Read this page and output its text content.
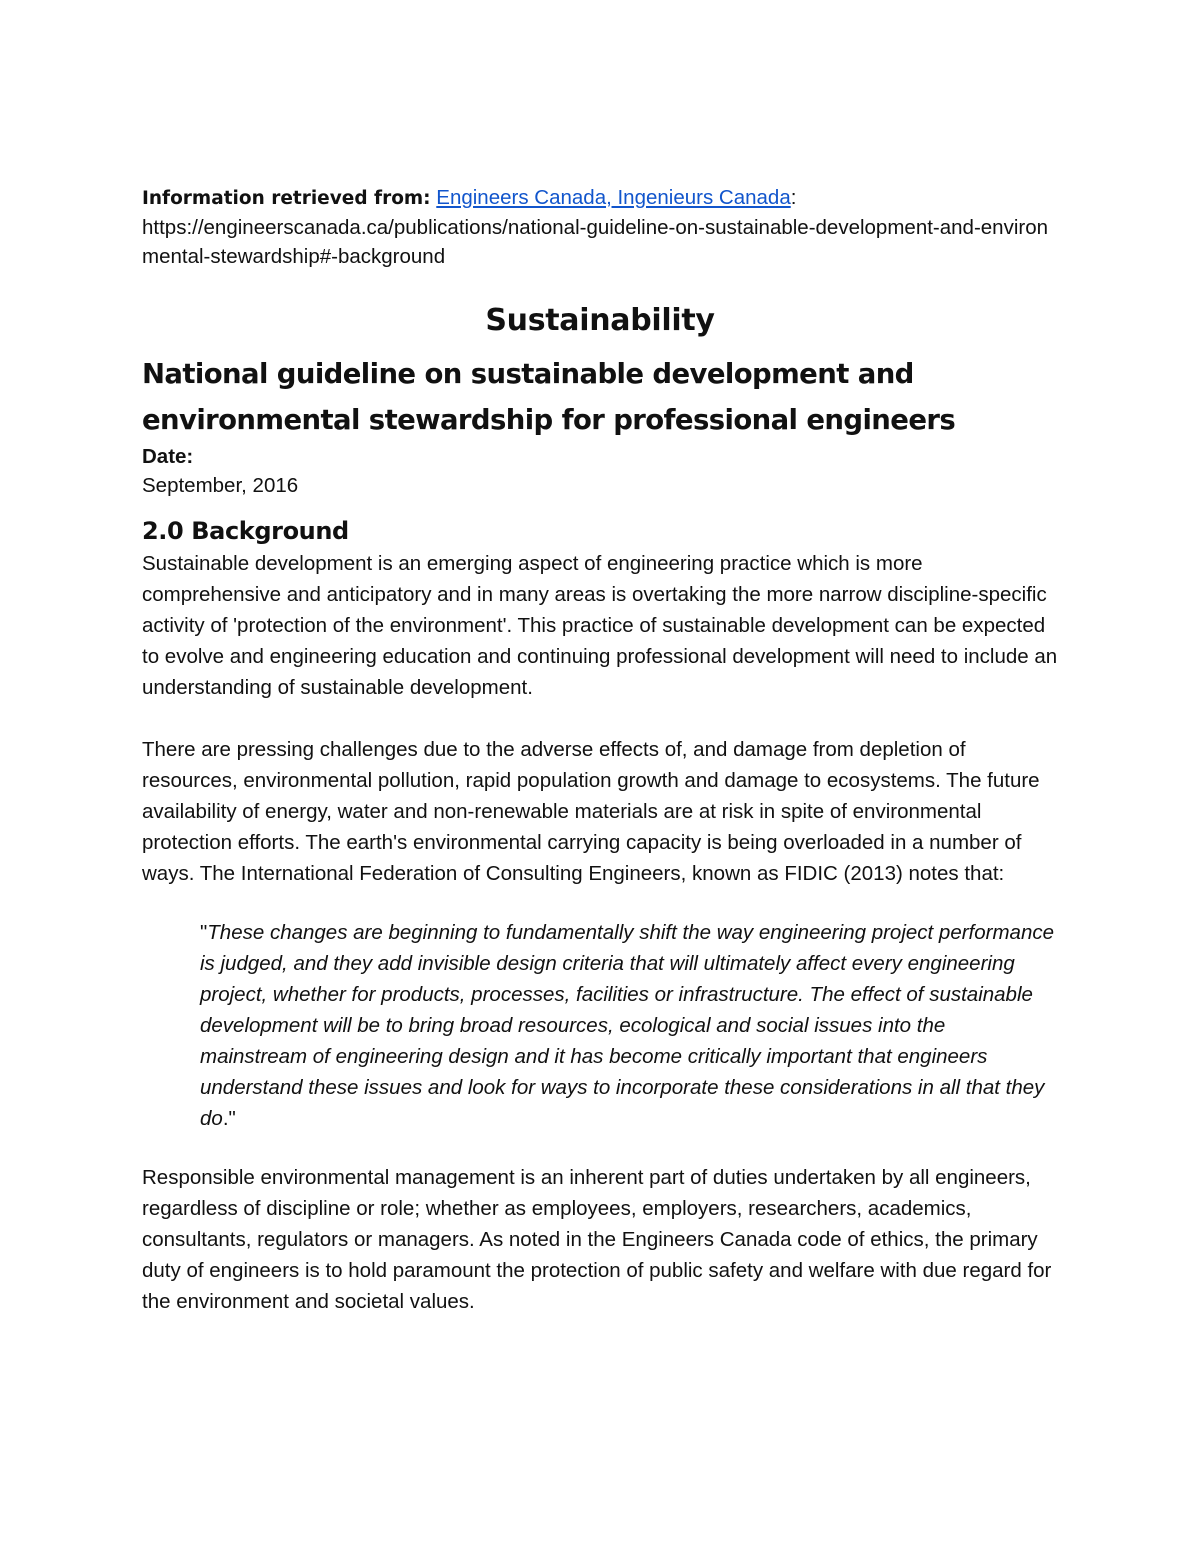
Information retrieved from: Engineers Canada, Ingenieurs Canada:

https://engineerscanada.ca/publications/national-guideline-on-sustainable-development-and-environmental-stewardship#-background

Sustainability
National guideline on sustainable development and environmental stewardship for professional engineers

Date:

September, 2016

2.0 Background

Sustainable development is an emerging aspect of engineering practice which is more comprehensive and anticipatory and in many areas is overtaking the more narrow discipline-specific activity of 'protection of the environment'. This practice of sustainable development can be expected to evolve and engineering education and continuing professional development will need to include an understanding of sustainable development.

There are pressing challenges due to the adverse effects of, and damage from depletion of resources, environmental pollution, rapid population growth and damage to ecosystems. The future availability of energy, water and non-renewable materials are at risk in spite of environmental protection efforts. The earth's environmental carrying capacity is being overloaded in a number of ways. The International Federation of Consulting Engineers, known as FIDIC (2013) notes that:

"These changes are beginning to fundamentally shift the way engineering project performance is judged, and they add invisible design criteria that will ultimately affect every engineering project, whether for products, processes, facilities or infrastructure. The effect of sustainable development will be to bring broad resources, ecological and social issues into the mainstream of engineering design and it has become critically important that engineers understand these issues and look for ways to incorporate these considerations in all that they do."

Responsible environmental management is an inherent part of duties undertaken by all engineers, regardless of discipline or role; whether as employees, employers, researchers, academics, consultants, regulators or managers. As noted in the Engineers Canada code of ethics, the primary duty of engineers is to hold paramount the protection of public safety and welfare with due regard for the environment and societal values.
